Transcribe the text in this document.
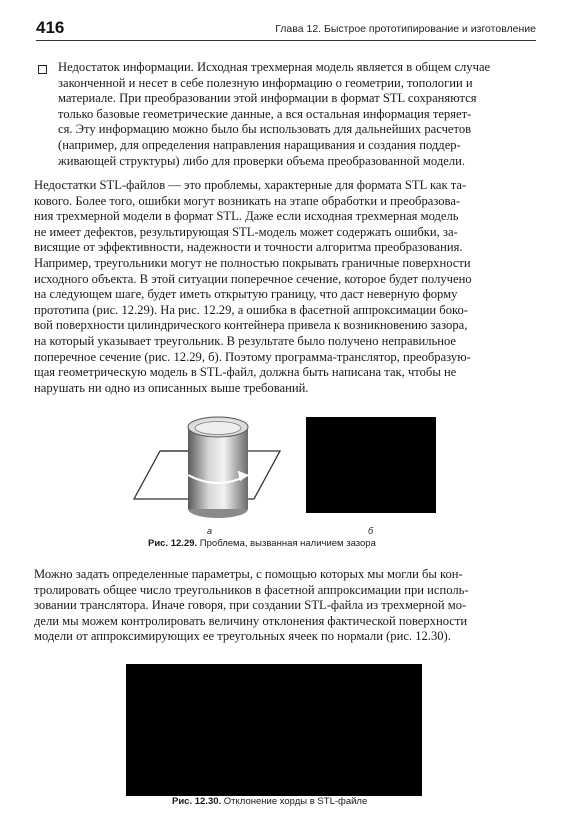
416	Глава 12. Быстрое прототипирование и изготовление
Недостаток информации. Исходная трехмерная модель является в общем случае
законченной и несет в себе полезную информацию о геометрии, топологии и
материале. При преобразовании этой информации в формат STL сохраняются
только базовые геометрические данные, а вся остальная информация теряет-
ся. Эту информацию можно было бы использовать для дальнейших расчетов
(например, для определения направления наращивания и создания поддер-
живающей структуры) либо для проверки объема преобразованной модели.
Недостатки STL-файлов — это проблемы, характерные для формата STL как та-
кового. Более того, ошибки могут возникать на этапе обработки и преобразова-
ния трехмерной модели в формат STL. Даже если исходная трехмерная модель
не имеет дефектов, результирующая STL-модель может содержать ошибки, за-
висящие от эффективности, надежности и точности алгоритма преобразования.
Например, треугольники могут не полностью покрывать граничные поверхности
исходного объекта. В этой ситуации поперечное сечение, которое будет получено
на следующем шаге, будет иметь открытую границу, что даст неверную форму
прототипа (рис. 12.29). На рис. 12.29, а ошибка в фасетной аппроксимации боко-
вой поверхности цилиндрического контейнера привела к возникновению зазора,
на который указывает треугольник. В результате было получено неправильное
поперечное сечение (рис. 12.29, б). Поэтому программа-транслятор, преобразую-
щая геометрическую модель в STL-файл, должна быть написана так, чтобы не
нарушать ни одно из описанных выше требований.
а	б
Рис. 12.29. Проблема, вызванная наличием зазора
Можно задать определенные параметры, с помощью которых мы могли бы кон-
тролировать общее число треугольников в фасетной аппроксимации при исполь-
зовании транслятора. Иначе говоря, при создании STL-файла из трехмерной мо-
дели мы можем контролировать величину отклонения фактической поверхности
модели от аппроксимирующих ее треугольных ячеек по нормали (рис. 12.30).
Рис. 12.30. Отклонение хорды в STL-файле
